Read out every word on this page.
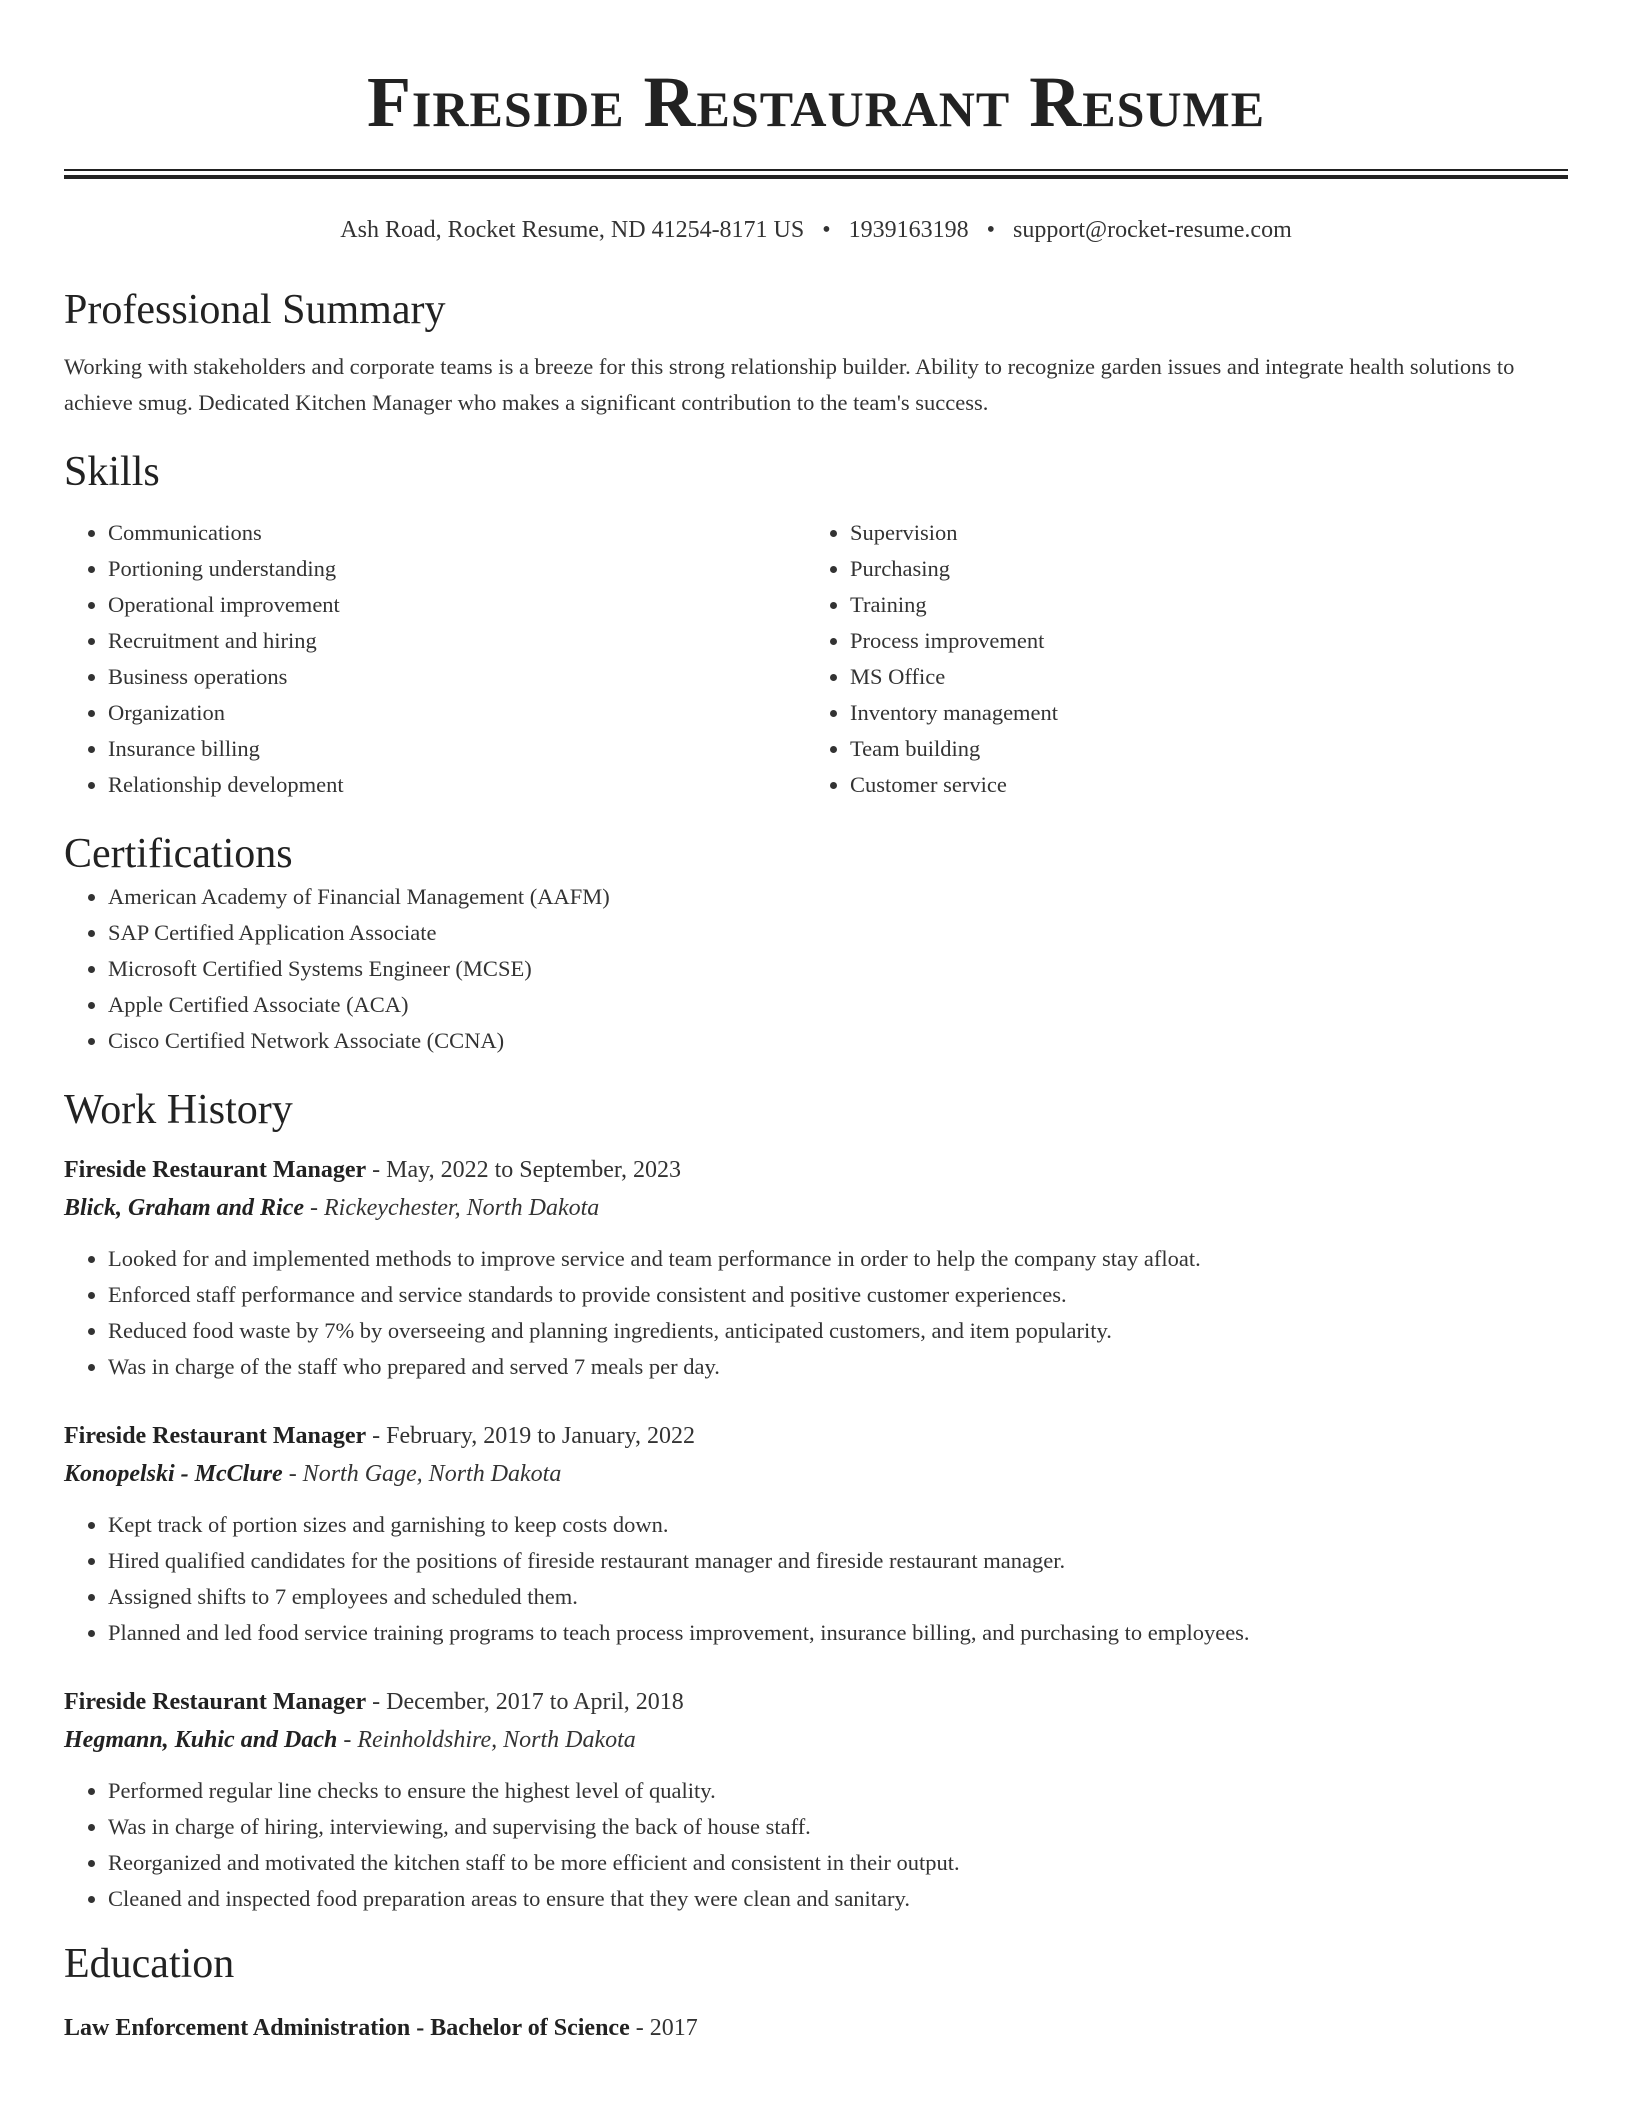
Fireside Restaurant Resume
Ash Road, Rocket Resume, ND 41254-8171 US • 1939163198 • support@rocket-resume.com
Professional Summary
Working with stakeholders and corporate teams is a breeze for this strong relationship builder. Ability to recognize garden issues and integrate health solutions to achieve smug. Dedicated Kitchen Manager who makes a significant contribution to the team's success.
Skills
• Communications
• Portioning understanding
• Operational improvement
• Recruitment and hiring
• Business operations
• Organization
• Insurance billing
• Relationship development
• Supervision
• Purchasing
• Training
• Process improvement
• MS Office
• Inventory management
• Team building
• Customer service
Certifications
• American Academy of Financial Management (AAFM)
• SAP Certified Application Associate
• Microsoft Certified Systems Engineer (MCSE)
• Apple Certified Associate (ACA)
• Cisco Certified Network Associate (CCNA)
Work History
Fireside Restaurant Manager - May, 2022 to September, 2023
Blick, Graham and Rice - Rickeychester, North Dakota
• Looked for and implemented methods to improve service and team performance in order to help the company stay afloat.
• Enforced staff performance and service standards to provide consistent and positive customer experiences.
• Reduced food waste by 7% by overseeing and planning ingredients, anticipated customers, and item popularity.
• Was in charge of the staff who prepared and served 7 meals per day.
Fireside Restaurant Manager - February, 2019 to January, 2022
Konopelski - McClure - North Gage, North Dakota
• Kept track of portion sizes and garnishing to keep costs down.
• Hired qualified candidates for the positions of fireside restaurant manager and fireside restaurant manager.
• Assigned shifts to 7 employees and scheduled them.
• Planned and led food service training programs to teach process improvement, insurance billing, and purchasing to employees.
Fireside Restaurant Manager - December, 2017 to April, 2018
Hegmann, Kuhic and Dach - Reinholdshire, North Dakota
• Performed regular line checks to ensure the highest level of quality.
• Was in charge of hiring, interviewing, and supervising the back of house staff.
• Reorganized and motivated the kitchen staff to be more efficient and consistent in their output.
• Cleaned and inspected food preparation areas to ensure that they were clean and sanitary.
Education
Law Enforcement Administration - Bachelor of Science - 2017
